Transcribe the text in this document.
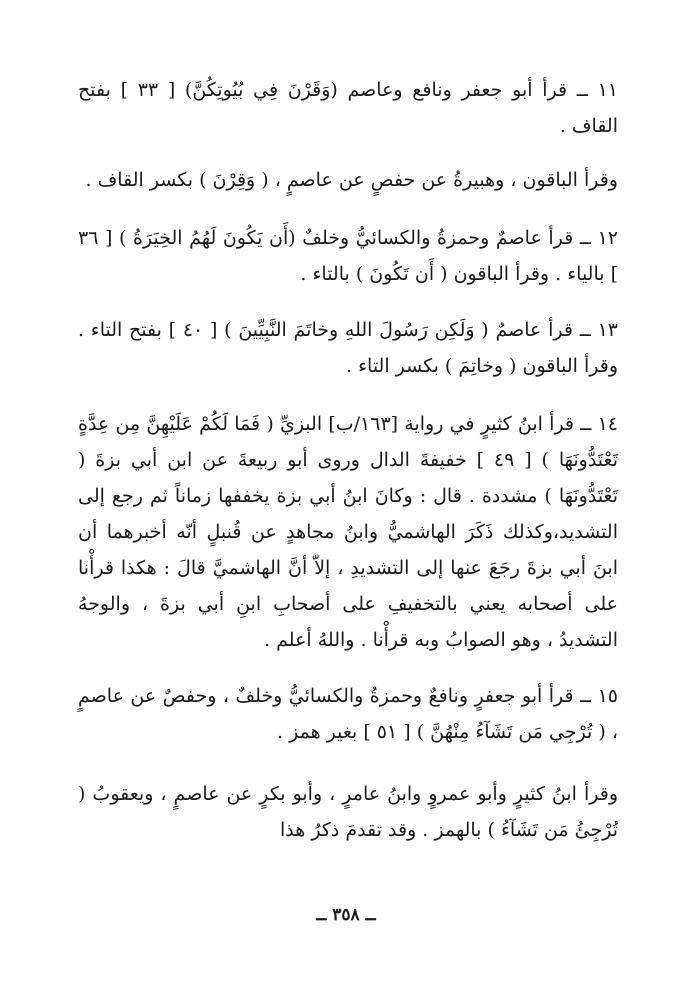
١١ ــ قرأ أبو جعفر ونافع وعاصم (وَقَرْنَ فِي بُيُوتِكُنَّ) [ ٣٣ ] بفتح القاف .

وقرأ الباقون ، وهبيرةُ عن حفصٍ عن عاصمٍ ، ( وَقِرْنَ ) بكسر القاف .

١٢ ــ قرأ عاصمٌ وحمزةُ والكسائيُّ وخلفٌ (أَن يَكُونَ لَهُمُ الخِيَرَةُ ) [ ٣٦ ] بالياء . وقرأ الباقون ( أَن تَكُونَ ) بالتاء .

١٣ ــ قرأ عاصمٌ ( وَلَكِن رَسُولَ اللهِ وخاتَمَ النَّبِيِّينَ ) [ ٤٠ ] بفتح التاء . وقرأ الباقون ( وخاتِمَ ) بكسر التاء .

١٤ ــ قرأ ابنُ كثيرٍ في رواية [١٦٣/ب] البزيِّ ( فَمَا لَكُمْ عَلَيْهِنَّ مِن عِدَّةٍ تَعْتَدُّونَهَا ) [ ٤٩ ] خفيفةَ الدال وروى أبو ربيعةَ عن ابن أبي بزةَ ( تَعْتَدُّونَهَا ) مشددة . قال : وكانَ ابنُ أبي بزة يخففها زماناً ثم رجع إلى التشديد،وكذلك ذَكَرَ الهاشميُّ وابنُ مجاهدٍ عن قُنبلٍ أنّه أخبرهما أن ابنَ أبي بزةَ رجَعَ عنها إلى التشديدِ ، إلاّ أنَّ الهاشميَّ قالَ : هكذا قرأْنا على أصحابه يعني بالتخفيفِ على أصحابِ ابنِ أبي بزةَ ، والوجهُ التشديدُ ، وهو الصوابُ وبه قرأْنا . واللهُ أعلم .

١٥ ــ قرأ أبو جعفرٍ ونافعٌ وحمزةُ والكسائيُّ وخلفٌ ، وحفصٌ عن عاصمٍ ، ( تُرْجِي مَن تَشَآءُ مِنْهُنَّ ) [ ٥١ ] بغير همز .

وقرأ ابنُ كثيرٍ وأبو عمروٍ وابنُ عامرٍ ، وأبو بكرٍ عن عاصمٍ ، ويعقوبُ ( تُرْجِئُ مَن تَشَآءُ ) بالهمز . وقد تقدمَ ذكرُ هذا

ــ ٣٥٨ ــ
